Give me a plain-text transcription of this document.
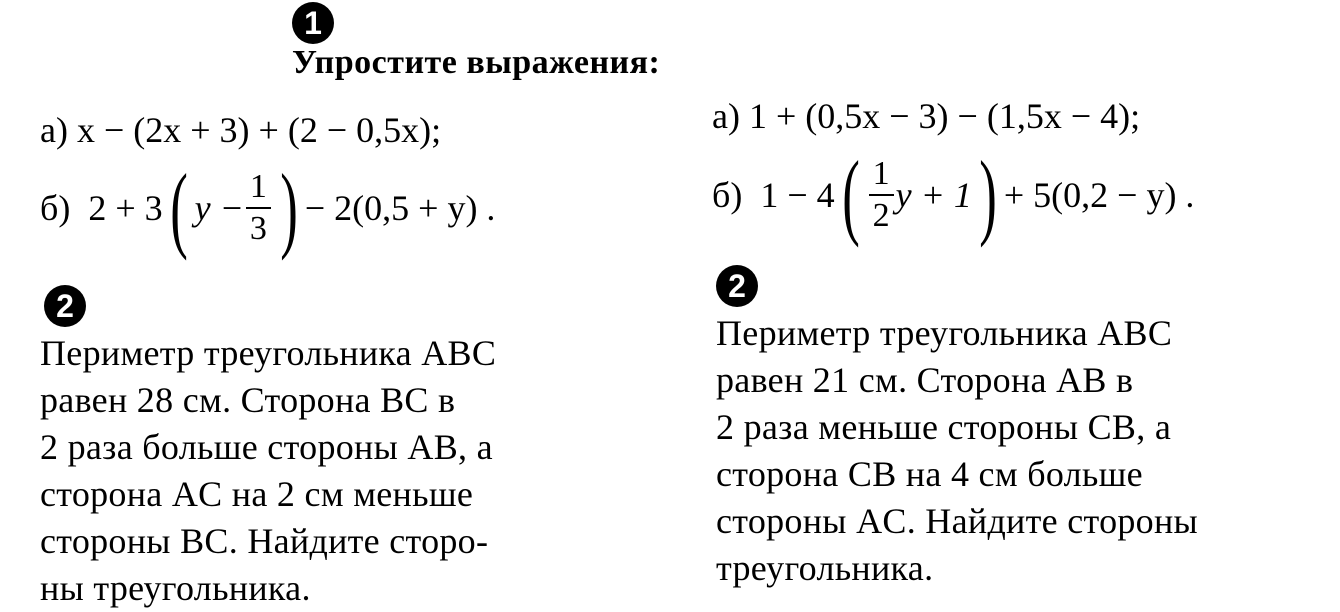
1
Упростите выражения:
а) x − (2x + 3) + (2 − 0,5x);
б)
2 + 3 ( $y - \frac{1}{3}$ ) − 2(0,5 + y) .
2
Периметр треугольника ABC
равен 28 см. Сторона BC в
2 раза больше стороны AB, а
сторона AC на 2 см меньше
стороны BC. Найдите сторо-
ны треугольника.
а) 1 + (0,5x − 3) − (1,5x − 4);
б)
1 − 4 ( $\frac{1}{2}$ y + 1 ) + 5(0,2 − y) .
2
Периметр треугольника ABC
равен 21 см. Сторона AB в
2 раза меньше стороны CB, а
сторона CB на 4 см больше
стороны AC. Найдите стороны
треугольника.
